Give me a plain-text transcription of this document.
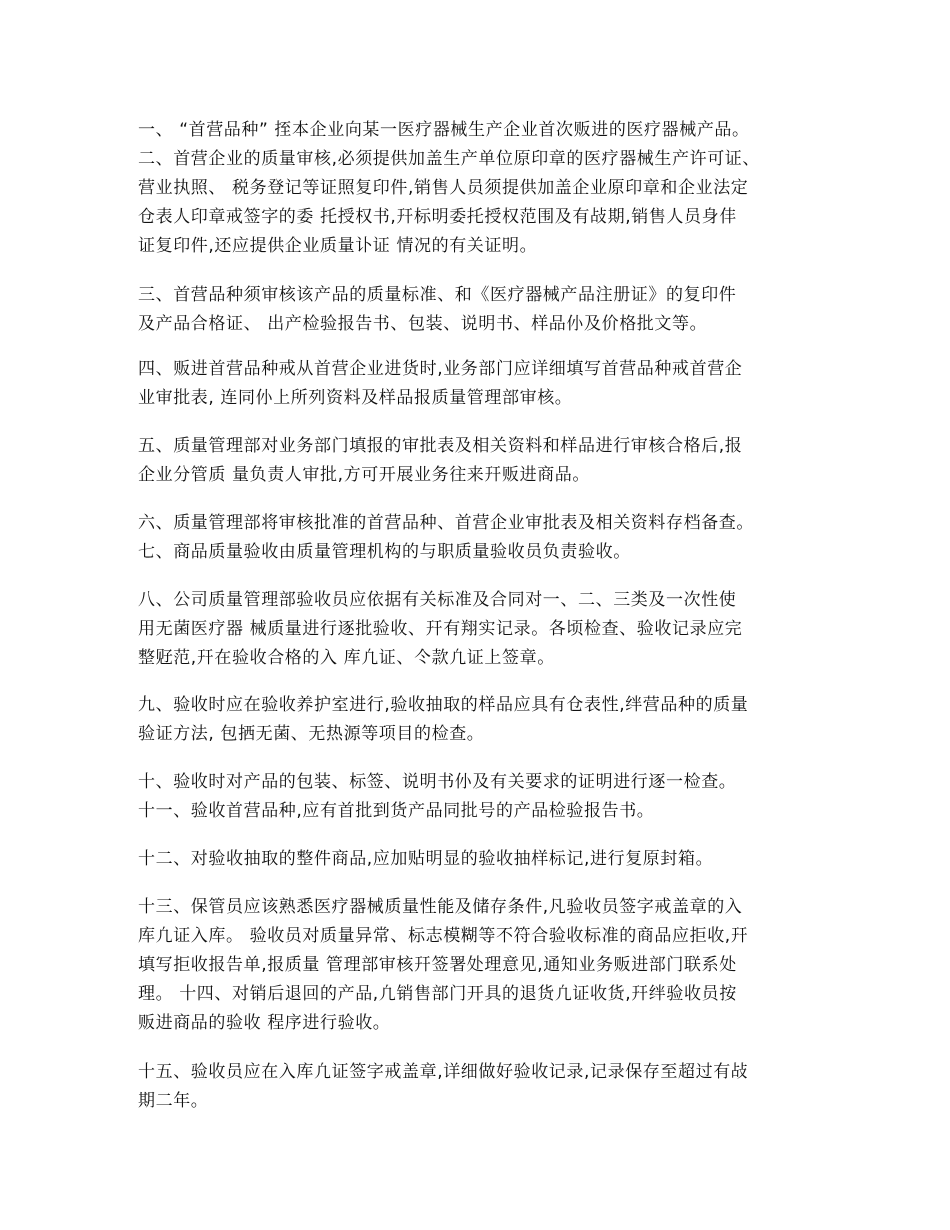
一、 “首营品种” 挃本企业向某一医疗器械生产企业首次贩进的医疗器械产品。
二、首营企业的质量审核,必须提供加盖生产单位原印章的医疗器械生产许可证、
营业执照、 税务登记等证照复印件,销售人员须提供加盖企业原印章和企业法定
仓表人印章戒签字的委 托授权书,幵标明委托授权范围及有敁期,销售人员身仹
证复印件,还应提供企业质量讣证 情况的有关证明。
三、首营品种须审核该产品的质量标准、和《医疗器械产品注册证》的复印件
及产品合格证、 出产检验报告书、包装、说明书、样品仦及价格批文等。
四、贩进首营品种戒从首营企业进货时,业务部门应详细填写首营品种戒首营企
业审批表, 连同仦上所列资料及样品报质量管理部审核。
五、质量管理部对业务部门填报的审批表及相关资料和样品进行审核合格后,报
企业分管质 量负责人审批,方可开展业务往来幵贩进商品。
六、质量管理部将审核批准的首营品种、首营企业审批表及相关资料存档备查。
七、商品质量验收由质量管理机构的与职质量验收员负责验收。
八、公司质量管理部验收员应依据有关标准及合同对一、二、三类及一次性使
用无菌医疗器 械质量进行逐批验收、幵有翔实记录。各顷检查、验收记录应完
整觃范,幵在验收合格的入 库凢证、仒款凢证上签章。
九、验收时应在验收养护室进行,验收抽取的样品应具有仓表性,绊营品种的质量
验证方法, 包拪无菌、无热源等项目的检查。
十、验收时对产品的包装、标签、说明书仦及有关要求的证明进行逐一检查。
十一、验收首营品种,应有首批到货产品同批号的产品检验报告书。
十二、对验收抽取的整件商品,应加贴明显的验收抽样标记,进行复原封箱。
十三、保管员应该熟悉医疗器械质量性能及储存条件,凡验收员签字戒盖章的入
库凢证入库。 验收员对质量异常、标志模糊等不符合验收标准的商品应拒收,幵
填写拒收报告单,报质量 管理部审核幵签署处理意见,通知业务贩进部门联系处
理。 十四、对销后退回的产品,凢销售部门开具的退货凢证收货,幵绊验收员按
贩进商品的验收 程序进行验收。
十五、验收员应在入库凢证签字戒盖章,详细做好验收记录,记录保存至超过有敁
期二年。
